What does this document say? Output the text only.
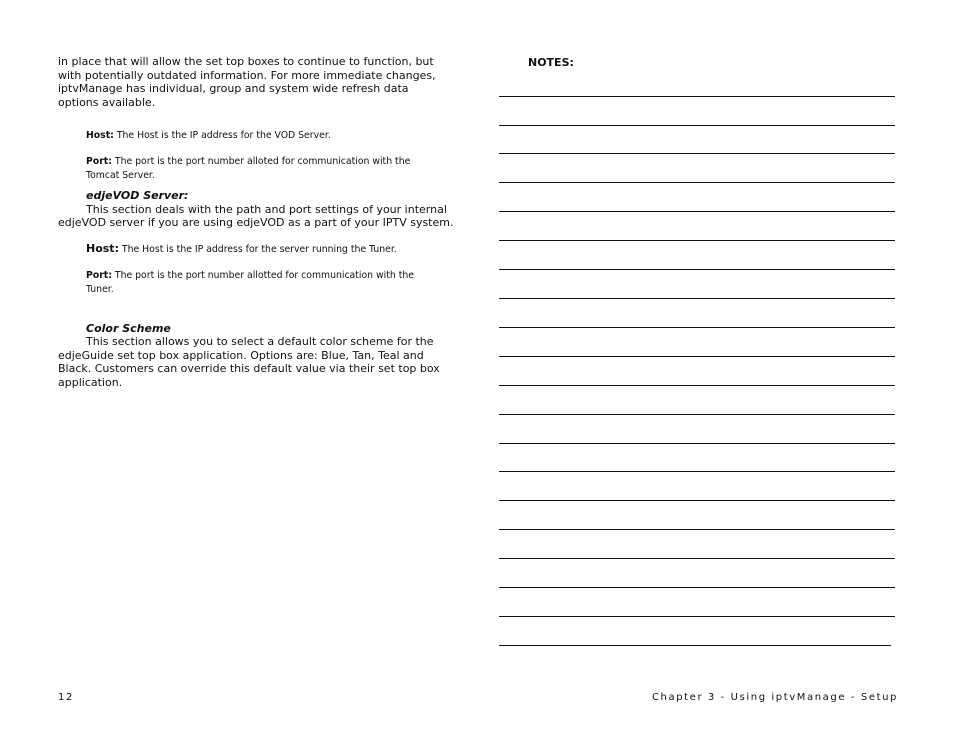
in place that will allow the set top boxes to continue to function, but with potentially outdated information. For more immediate changes, iptvManage has individual, group and system wide refresh data options available.

Host: The Host is the IP address for the VOD Server.

Port: The port is the port number alloted for communication with the Tomcat Server.

edjeVOD Server:

This section deals with the path and port settings of your internal edjeVOD server if you are using edjeVOD as a part of your IPTV system.

Host: The Host is the IP address for the server running the Tuner.

Port: The port is the port number allotted for communication with the Tuner.

Color Scheme

This section allows you to select a default color scheme for the edjeGuide set top box application. Options are: Blue, Tan, Teal and Black. Customers can override this default value via their set top box application.

NOTES:
12	Chapter 3 - Using iptvManage - Setup
